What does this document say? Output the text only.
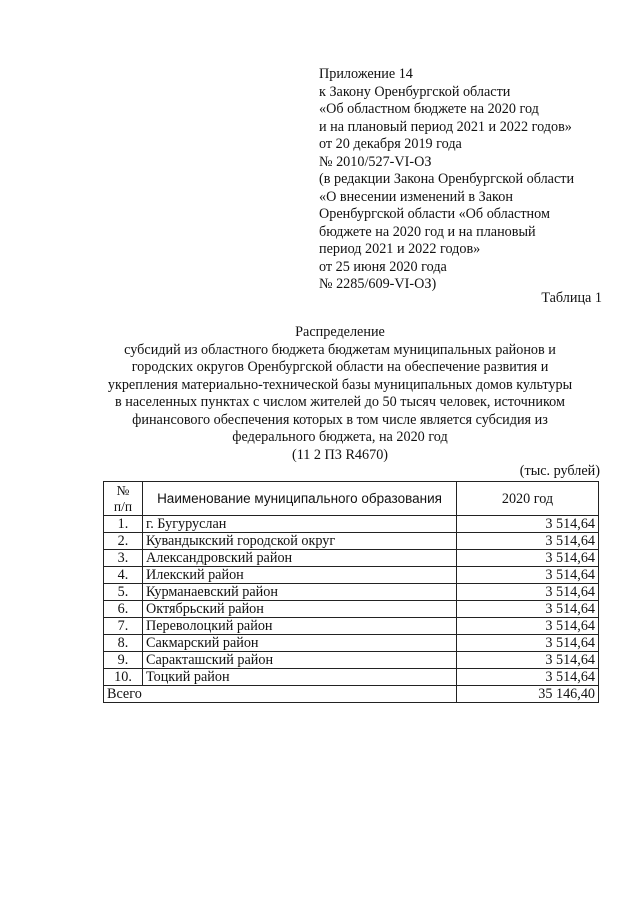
Приложение 14
к Закону Оренбургской области
«Об областном бюджете на 2020 год
и на плановый период 2021 и 2022 годов»
от 20 декабря 2019 года
№ 2010/527-VI-ОЗ
(в редакции Закона Оренбургской области
«О внесении изменений в Закон
Оренбургской области «Об областном
бюджете на 2020 год и на плановый
период 2021 и 2022 годов»
от 25 июня 2020 года
№ 2285/609-VI-ОЗ)
Таблица 1
Распределение
субсидий из областного бюджета бюджетам муниципальных районов и
городских округов Оренбургской области на обеспечение развития и
укрепления материально-технической базы муниципальных домов культуры
в населенных пунктах с числом жителей до 50 тысяч человек, источником
финансового обеспечения которых в том числе является субсидия из
федерального бюджета, на 2020 год
(11 2 П3 R4670)
(тыс. рублей)
№
п/п	Наименование муниципального образования	2020 год
1.	г. Бугуруслан	3 514,64
2.	Кувандыкский городской округ	3 514,64
3.	Александровский район	3 514,64
4.	Илекский район	3 514,64
5.	Курманаевский район	3 514,64
6.	Октябрьский район	3 514,64
7.	Переволоцкий район	3 514,64
8.	Сакмарский район	3 514,64
9.	Саракташский район	3 514,64
10.	Тоцкий район	3 514,64
Всего		35 146,40
